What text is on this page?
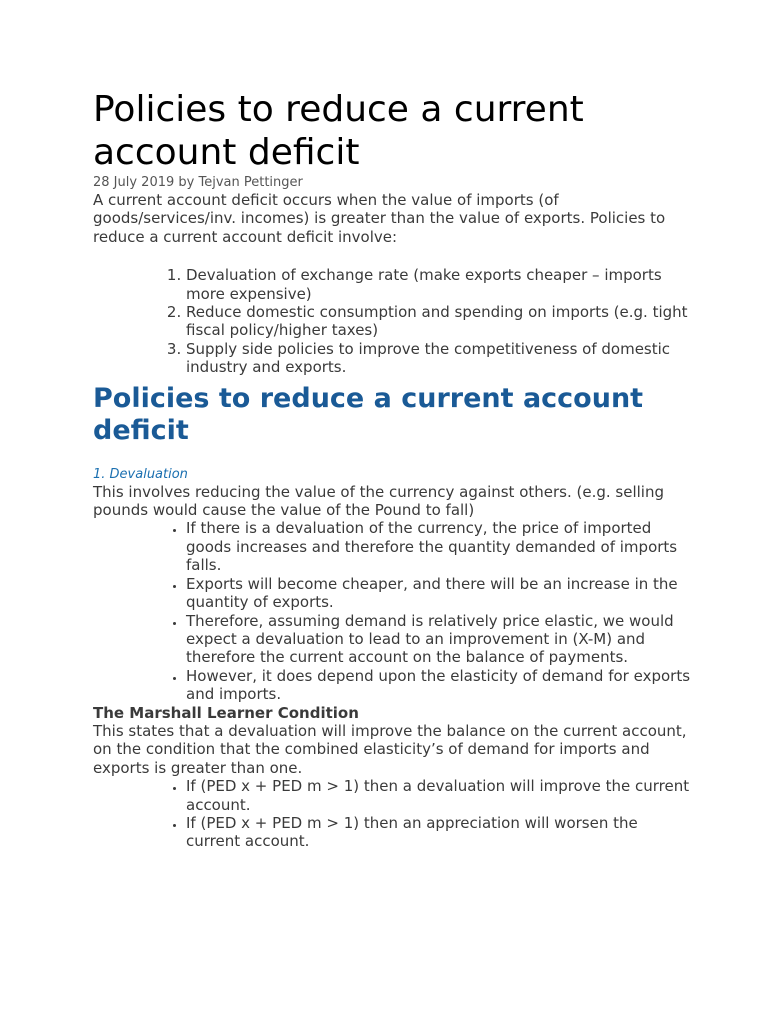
Policies to reduce a current account deficit

28 July 2019 by Tejvan Pettinger

A current account deficit occurs when the value of imports (of goods/services/inv. incomes) is greater than the value of exports. Policies to reduce a current account deficit involve:

1. Devaluation of exchange rate (make exports cheaper – imports more expensive)
2. Reduce domestic consumption and spending on imports (e.g. tight fiscal policy/higher taxes)
3. Supply side policies to improve the competitiveness of domestic industry and exports.
Policies to reduce a current account deficit

1. Devaluation

This involves reducing the value of the currency against others. (e.g. selling pounds would cause the value of the Pound to fall)

• If there is a devaluation of the currency, the price of imported goods increases and therefore the quantity demanded of imports falls.
• Exports will become cheaper, and there will be an increase in the quantity of exports.
• Therefore, assuming demand is relatively price elastic, we would expect a devaluation to lead to an improvement in (X-M) and therefore the current account on the balance of payments.
• However, it does depend upon the elasticity of demand for exports and imports.

The Marshall Learner Condition

This states that a devaluation will improve the balance on the current account, on the condition that the combined elasticity’s of demand for imports and exports is greater than one.

• If (PED x + PED m > 1) then a devaluation will improve the current account.
• If (PED x + PED m > 1) then an appreciation will worsen the current account.
